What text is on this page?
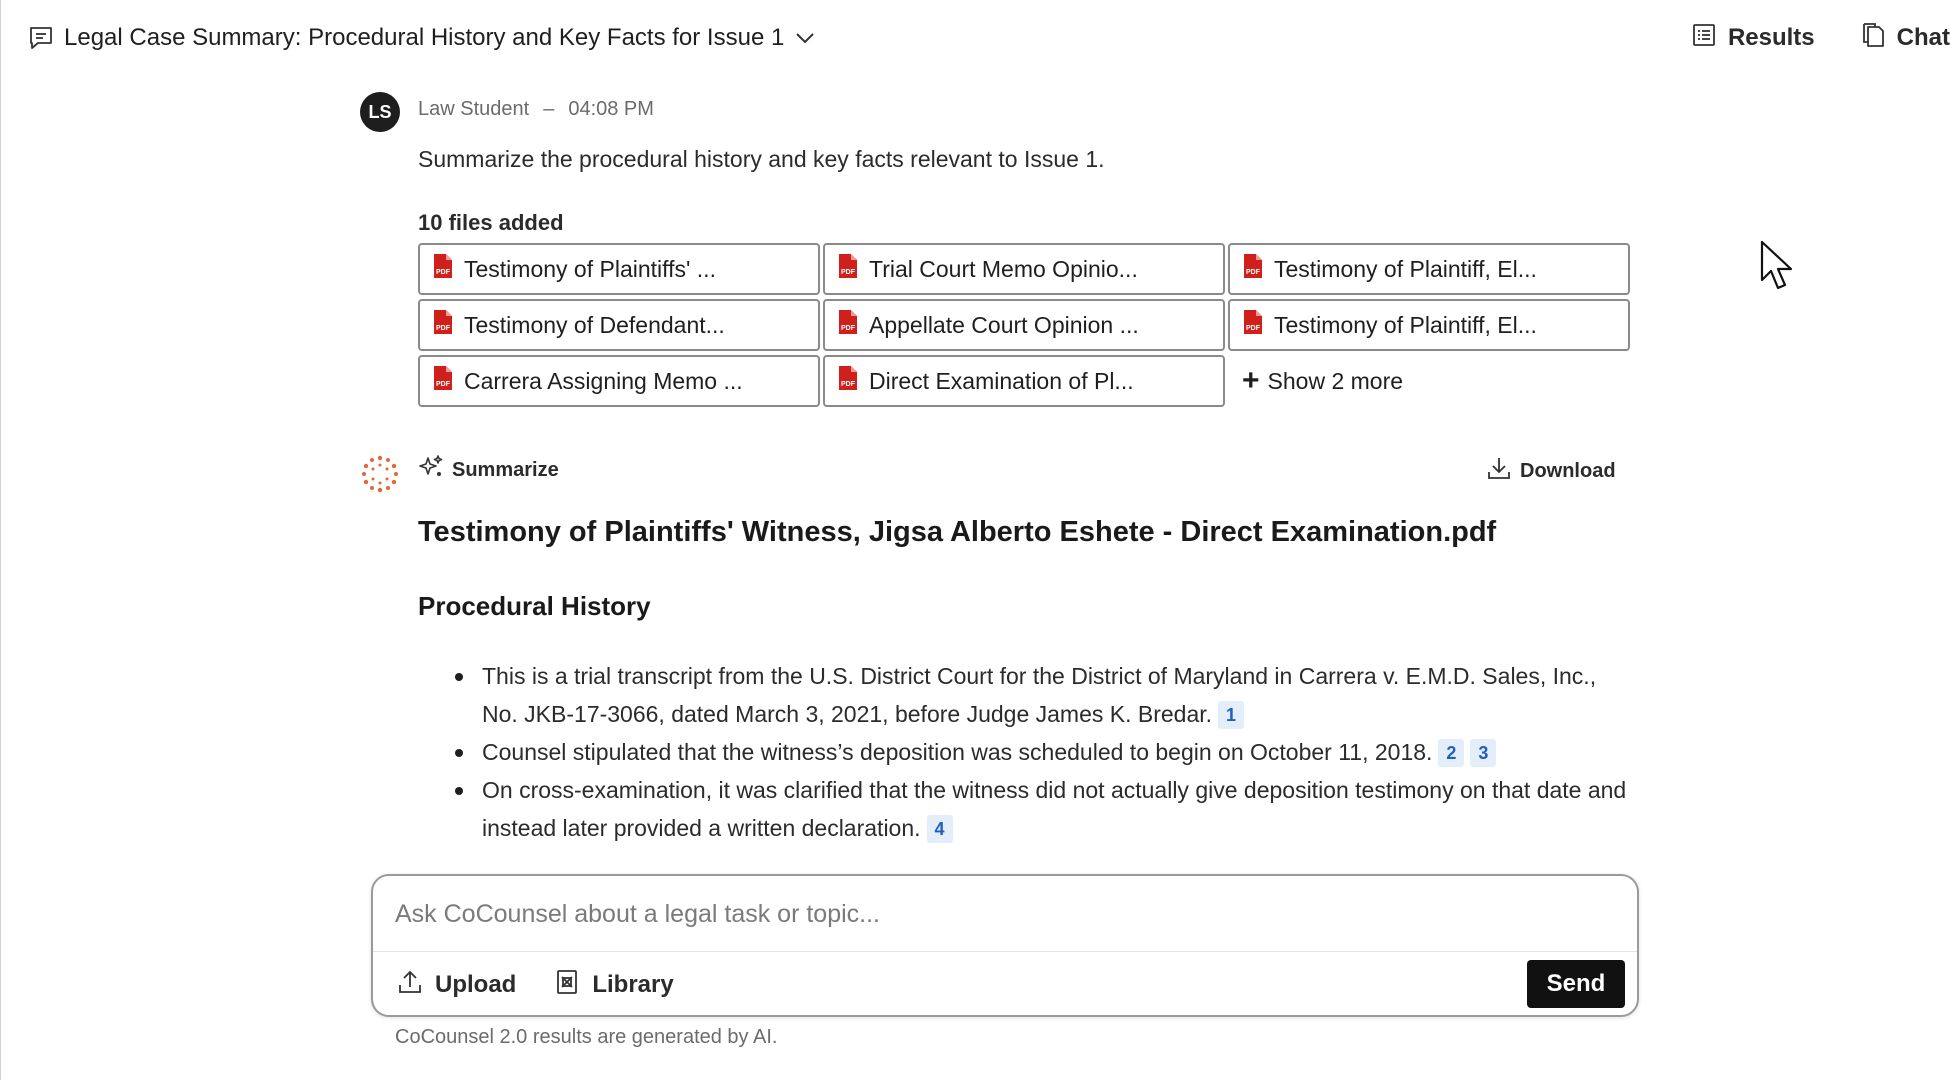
Legal Case Summary: Procedural History and Key Facts for Issue 1	Results	Chat
LS	Law Student – 04:08 PM
Summarize the procedural history and key facts relevant to Issue 1.
10 files added
PDF Testimony of Plaintiffs' ...	PDF Trial Court Memo Opinio...	PDF Testimony of Plaintiff, El...
PDF Testimony of Defendant...	PDF Appellate Court Opinion ...	PDF Testimony of Plaintiff, El...
PDF Carrera Assigning Memo ...	PDF Direct Examination of Pl...	+ Show 2 more
Summarize	Download
Testimony of Plaintiffs' Witness, Jigsa Alberto Eshete - Direct Examination.pdf
Procedural History
This is a trial transcript from the U.S. District Court for the District of Maryland in Carrera v. E.M.D. Sales, Inc., No. JKB-17-3066, dated March 3, 2021, before Judge James K. Bredar. 1
Counsel stipulated that the witness’s deposition was scheduled to begin on October 11, 2018. 2 3
On cross-examination, it was clarified that the witness did not actually give deposition testimony on that date and instead later provided a written declaration. 4
Ask CoCounsel about a legal task or topic...
Upload	Library	Send
CoCounsel 2.0 results are generated by AI.
